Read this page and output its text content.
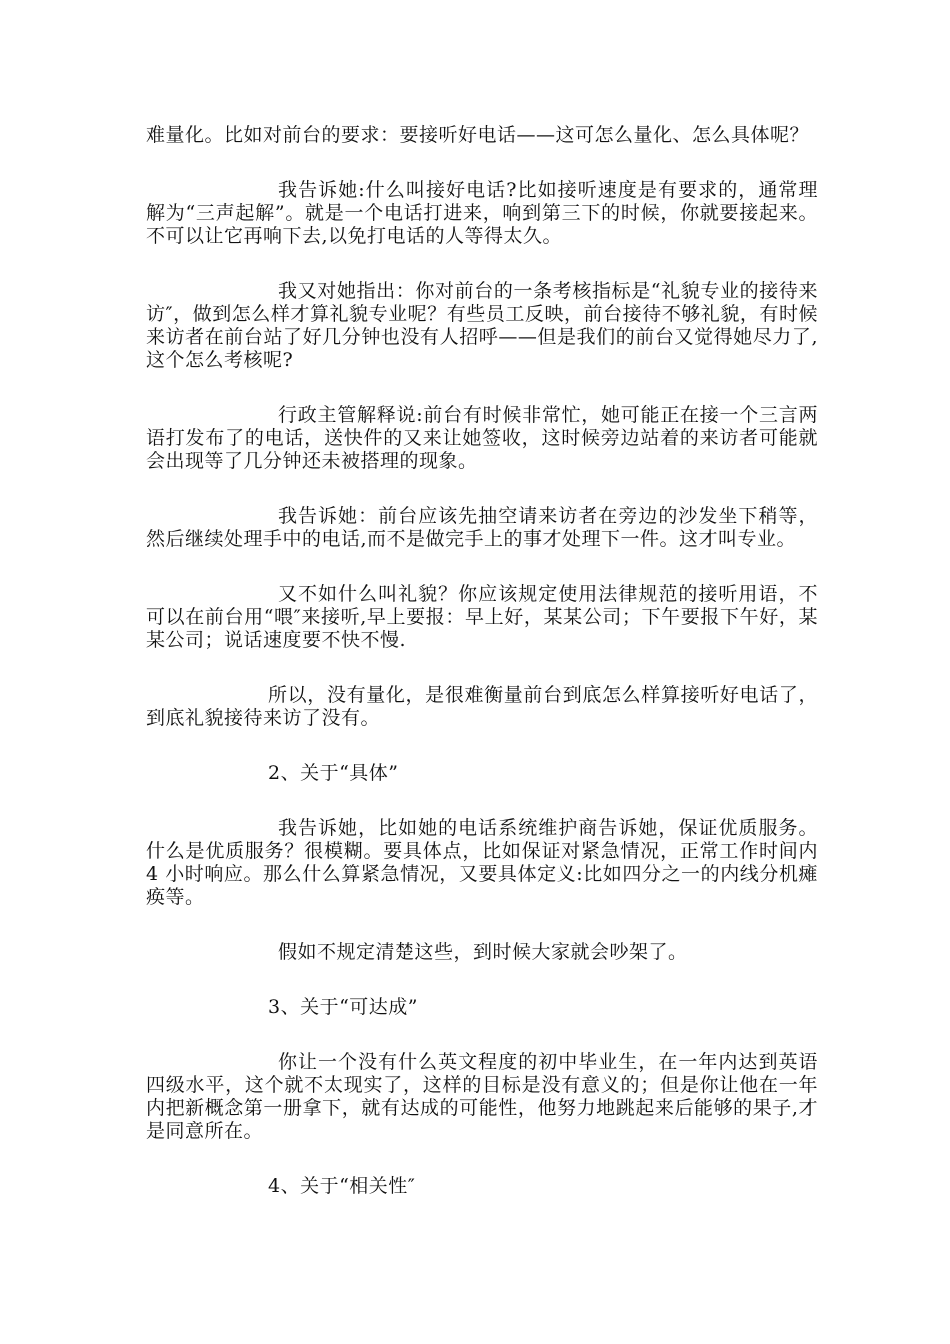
难量化。比如对前台的要求：要接听好电话——这可怎么量化、怎么具体呢？

我告诉她:什么叫接好电话?比如接听速度是有要求的，通常理解为“三声起解”。就是一个电话打进来，响到第三下的时候，你就要接起来。不可以让它再响下去,以免打电话的人等得太久。

我又对她指出：你对前台的一条考核指标是“礼貌专业的接待来访″，做到怎么样才算礼貌专业呢？有些员工反映，前台接待不够礼貌，有时候来访者在前台站了好几分钟也没有人招呼——但是我们的前台又觉得她尽力了,这个怎么考核呢?

行政主管解释说:前台有时候非常忙，她可能正在接一个三言两语打发布了的电话，送快件的又来让她签收，这时候旁边站着的来访者可能就会出现等了几分钟还未被搭理的现象。

我告诉她：前台应该先抽空请来访者在旁边的沙发坐下稍等，然后继续处理手中的电话,而不是做完手上的事才处理下一件。这才叫专业。

又不如什么叫礼貌？你应该规定使用法律规范的接听用语，不可以在前台用“喂″来接听,早上要报：早上好，某某公司；下午要报下午好，某某公司；说话速度要不快不慢.

所以，没有量化，是很难衡量前台到底怎么样算接听好电话了，到底礼貌接待来访了没有。

2、关于“具体”

我告诉她，比如她的电话系统维护商告诉她，保证优质服务。什么是优质服务？很模糊。要具体点，比如保证对紧急情况，正常工作时间内 4 小时响应。那么什么算紧急情况，又要具体定义:比如四分之一的内线分机瘫痪等。

假如不规定清楚这些，到时候大家就会吵架了。

3、关于“可达成”

你让一个没有什么英文程度的初中毕业生，在一年内达到英语四级水平，这个就不太现实了，这样的目标是没有意义的；但是你让他在一年内把新概念第一册拿下，就有达成的可能性，他努力地跳起来后能够的果子,才是同意所在。

4、关于“相关性″
